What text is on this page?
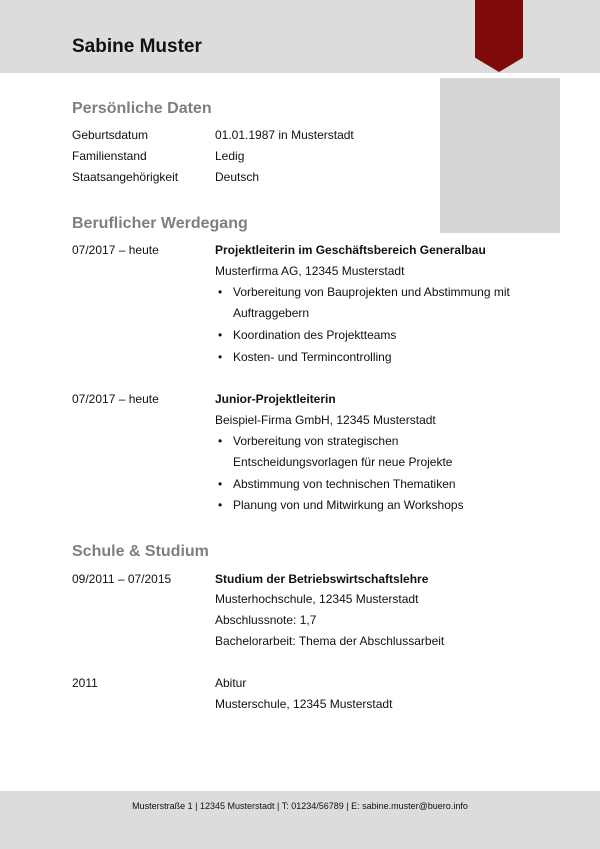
Sabine Muster
Persönliche Daten
Geburtsdatum	01.01.1987 in Musterstadt
Familienstand	Ledig
Staatsangehörigkeit	Deutsch
Beruflicher Werdegang
07/2017 – heute	Projektleiterin im Geschäftsbereich Generalbau
Musterfirma AG, 12345 Musterstadt
• Vorbereitung von Bauprojekten und Abstimmung mit Auftraggebern
• Koordination des Projektteams
• Kosten- und Termincontrolling
07/2017 – heute	Junior-Projektleiterin
Beispiel-Firma GmbH, 12345 Musterstadt
• Vorbereitung von strategischen Entscheidungsvorlagen für neue Projekte
• Abstimmung von technischen Thematiken
• Planung von und Mitwirkung an Workshops
Schule & Studium
09/2011 – 07/2015	Studium der Betriebswirtschaftslehre
Musterhochschule, 12345 Musterstadt
Abschlussnote: 1,7
Bachelorarbeit: Thema der Abschlussarbeit
2011	Abitur
Musterschule, 12345 Musterstadt
Musterstraße 1 | 12345 Musterstadt | T: 01234/56789 | E: sabine.muster@buero.info
